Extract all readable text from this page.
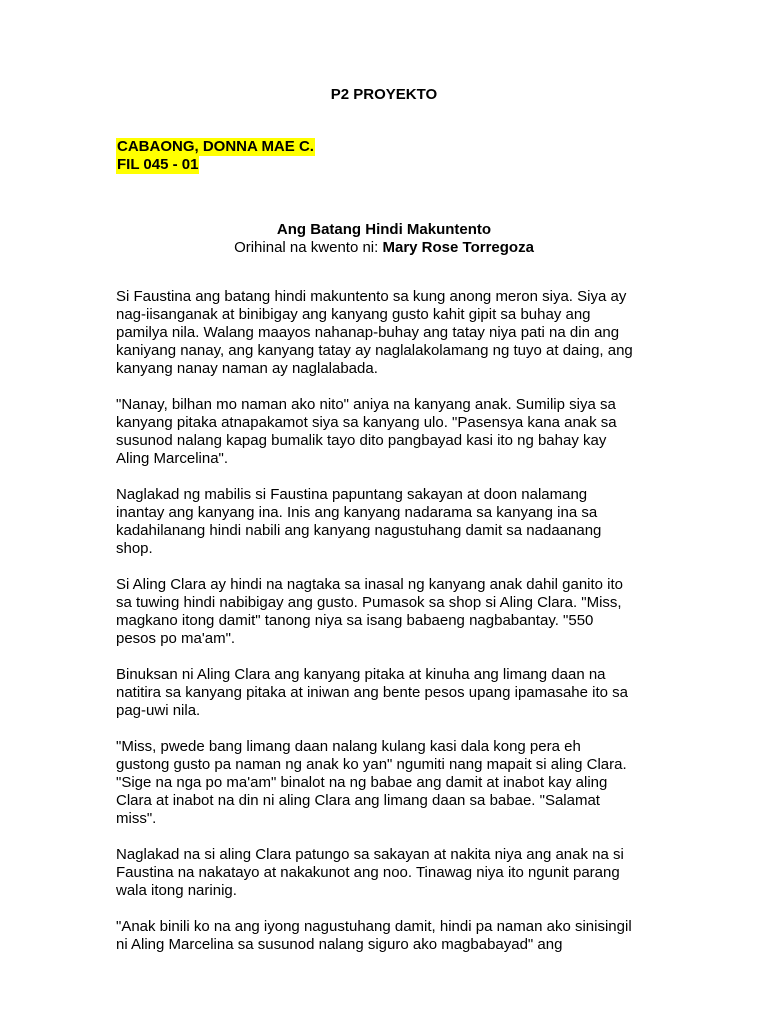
P2 PROYEKTO
CABAONG, DONNA MAE C.
FIL 045 - 01
Ang Batang Hindi Makuntento
Orihinal na kwento ni: Mary Rose Torregoza

Si Faustina ang batang hindi makuntento sa kung anong meron siya. Siya ay
nag-iisanganak at binibigay ang kanyang gusto kahit gipit sa buhay ang
pamilya nila. Walang maayos nahanap-buhay ang tatay niya pati na din ang
kaniyang nanay, ang kanyang tatay ay naglalakolamang ng tuyo at daing, ang
kanyang nanay naman ay naglalabada.

"Nanay, bilhan mo naman ako nito" aniya na kanyang anak. Sumilip siya sa
kanyang pitaka atnapakamot siya sa kanyang ulo. "Pasensya kana anak sa
susunod nalang kapag bumalik tayo dito pangbayad kasi ito ng bahay kay
Aling Marcelina".

Naglakad ng mabilis si Faustina papuntang sakayan at doon nalamang
inantay ang kanyang ina. Inis ang kanyang nadarama sa kanyang ina sa
kadahilanang hindi nabili ang kanyang nagustuhang damit sa nadaanang
shop.

Si Aling Clara ay hindi na nagtaka sa inasal ng kanyang anak dahil ganito ito
sa tuwing hindi nabibigay ang gusto. Pumasok sa shop si Aling Clara. "Miss,
magkano itong damit" tanong niya sa isang babaeng nagbabantay. "550
pesos po ma'am".

Binuksan ni Aling Clara ang kanyang pitaka at kinuha ang limang daan na
natitira sa kanyang pitaka at iniwan ang bente pesos upang ipamasahe ito sa
pag-uwi nila.

"Miss, pwede bang limang daan nalang kulang kasi dala kong pera eh
gustong gusto pa naman ng anak ko yan" ngumiti nang mapait si aling Clara.
"Sige na nga po ma'am" binalot na ng babae ang damit at inabot kay aling
Clara at inabot na din ni aling Clara ang limang daan sa babae. "Salamat
miss".

Naglakad na si aling Clara patungo sa sakayan at nakita niya ang anak na si
Faustina na nakatayo at nakakunot ang noo. Tinawag niya ito ngunit parang
wala itong narinig.

"Anak binili ko na ang iyong nagustuhang damit, hindi pa naman ako sinisingil
ni Aling Marcelina sa susunod nalang siguro ako magbabayad" ang
